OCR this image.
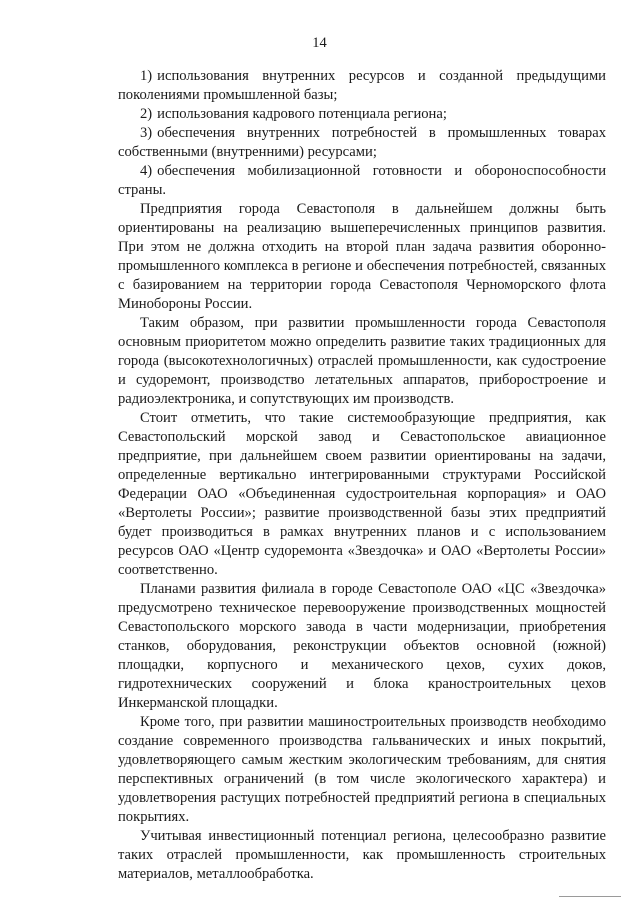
14

1) использования внутренних ресурсов и созданной предыдущими поколениями промышленной базы;

2) использования кадрового потенциала региона;

3) обеспечения внутренних потребностей в промышленных товарах собственными (внутренними) ресурсами;

4) обеспечения мобилизационной готовности и обороноспособности страны.

Предприятия города Севастополя в дальнейшем должны быть ориентированы на реализацию вышеперечисленных принципов развития. При этом не должна отходить на второй план задача развития оборонно-промышленного комплекса в регионе и обеспечения потребностей, связанных с базированием на территории города Севастополя Черноморского флота Минобороны России.

Таким образом, при развитии промышленности города Севастополя основным приоритетом можно определить развитие таких традиционных для города (высокотехнологичных) отраслей промышленности, как судостроение и судоремонт, производство летательных аппаратов, приборостроение и радиоэлектроника, и сопутствующих им производств.

Стоит отметить, что такие системообразующие предприятия, как Севастопольский морской завод и Севастопольское авиационное предприятие, при дальнейшем своем развитии ориентированы на задачи, определенные вертикально интегрированными структурами Российской Федерации ОАО «Объединенная судостроительная корпорация» и ОАО «Вертолеты России»; развитие производственной базы этих предприятий будет производиться в рамках внутренних планов и с использованием ресурсов ОАО «Центр судоремонта «Звездочка» и ОАО «Вертолеты России» соответственно.

Планами развития филиала в городе Севастополе ОАО «ЦС «Звездочка» предусмотрено техническое перевооружение производственных мощностей Севастопольского морского завода в части модернизации, приобретения станков, оборудования, реконструкции объектов основной (южной) площадки, корпусного и механического цехов, сухих доков, гидротехнических сооружений и блока краностроительных цехов Инкерманской площадки.

Кроме того, при развитии машиностроительных производств необходимо создание современного производства гальванических и иных покрытий, удовлетворяющего самым жестким экологическим требованиям, для снятия перспективных ограничений (в том числе экологического характера) и удовлетворения растущих потребностей предприятий региона в специальных покрытиях.

Учитывая инвестиционный потенциал региона, целесообразно развитие таких отраслей промышленности, как промышленность строительных материалов, металлообработка.
